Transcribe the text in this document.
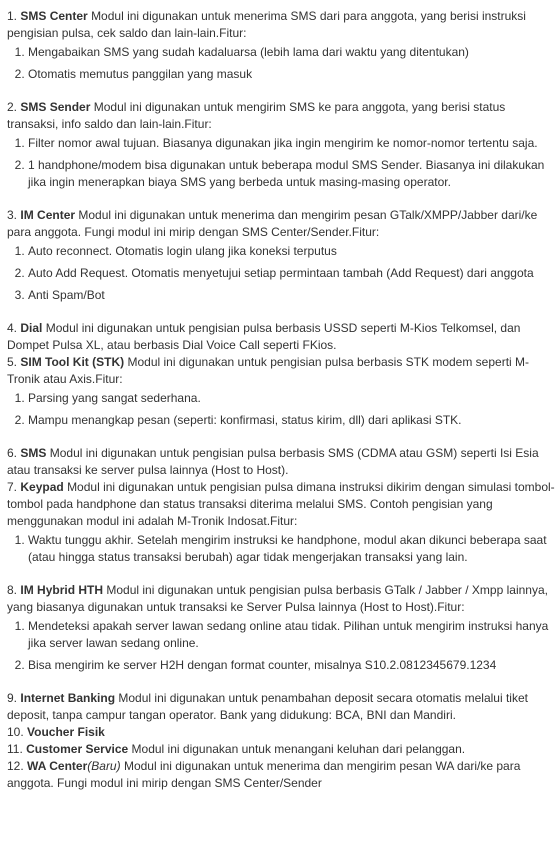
1. SMS Center Modul ini digunakan untuk menerima SMS dari para anggota, yang berisi instruksi pengisian pulsa, cek saldo dan lain-lain.Fitur:

1. Mengabaikan SMS yang sudah kadaluarsa (lebih lama dari waktu yang ditentukan)
2. Otomatis memutus panggilan yang masuk

2. SMS Sender Modul ini digunakan untuk mengirim SMS ke para anggota, yang berisi status transaksi, info saldo dan lain-lain.Fitur:

1. Filter nomor awal tujuan. Biasanya digunakan jika ingin mengirim ke nomor-nomor tertentu saja.
2. 1 handphone/modem bisa digunakan untuk beberapa modul SMS Sender. Biasanya ini dilakukan jika ingin menerapkan biaya SMS yang berbeda untuk masing-masing operator.

3. IM Center Modul ini digunakan untuk menerima dan mengirim pesan GTalk/XMPP/Jabber dari/ke para anggota. Fungi modul ini mirip dengan SMS Center/Sender.Fitur:

1. Auto reconnect. Otomatis login ulang jika koneksi terputus
2. Auto Add Request. Otomatis menyetujui setiap permintaan tambah (Add Request) dari anggota
3. Anti Spam/Bot

4. Dial Modul ini digunakan untuk pengisian pulsa berbasis USSD seperti M-Kios Telkomsel, dan Dompet Pulsa XL, atau berbasis Dial Voice Call seperti FKios.

5. SIM Tool Kit (STK) Modul ini digunakan untuk pengisian pulsa berbasis STK modem seperti M-Tronik atau Axis.Fitur:

1. Parsing yang sangat sederhana.
2. Mampu menangkap pesan (seperti: konfirmasi, status kirim, dll) dari aplikasi STK.

6. SMS Modul ini digunakan untuk pengisian pulsa berbasis SMS (CDMA atau GSM) seperti Isi Esia atau transaksi ke server pulsa lainnya (Host to Host).

7. Keypad Modul ini digunakan untuk pengisian pulsa dimana instruksi dikirim dengan simulasi tombol-tombol pada handphone dan status transaksi diterima melalui SMS. Contoh pengisian yang menggunakan modul ini adalah M-Tronik Indosat.Fitur:

1. Waktu tunggu akhir. Setelah mengirim instruksi ke handphone, modul akan dikunci beberapa saat (atau hingga status transaksi berubah) agar tidak mengerjakan transaksi yang lain.

8. IM Hybrid HTH Modul ini digunakan untuk pengisian pulsa berbasis GTalk / Jabber / Xmpp lainnya, yang biasanya digunakan untuk transaksi ke Server Pulsa lainnya (Host to Host).Fitur:

1. Mendeteksi apakah server lawan sedang online atau tidak. Pilihan untuk mengirim instruksi hanya jika server lawan sedang online.
2. Bisa mengirim ke server H2H dengan format counter, misalnya S10.2.0812345679.1234

9. Internet Banking Modul ini digunakan untuk penambahan deposit secara otomatis melalui tiket deposit, tanpa campur tangan operator. Bank yang didukung: BCA, BNI dan Mandiri.

10. Voucher Fisik

11. Customer Service Modul ini digunakan untuk menangani keluhan dari pelanggan.

12. WA Center(Baru) Modul ini digunakan untuk menerima dan mengirim pesan WA dari/ke para anggota. Fungi modul ini mirip dengan SMS Center/Sender
